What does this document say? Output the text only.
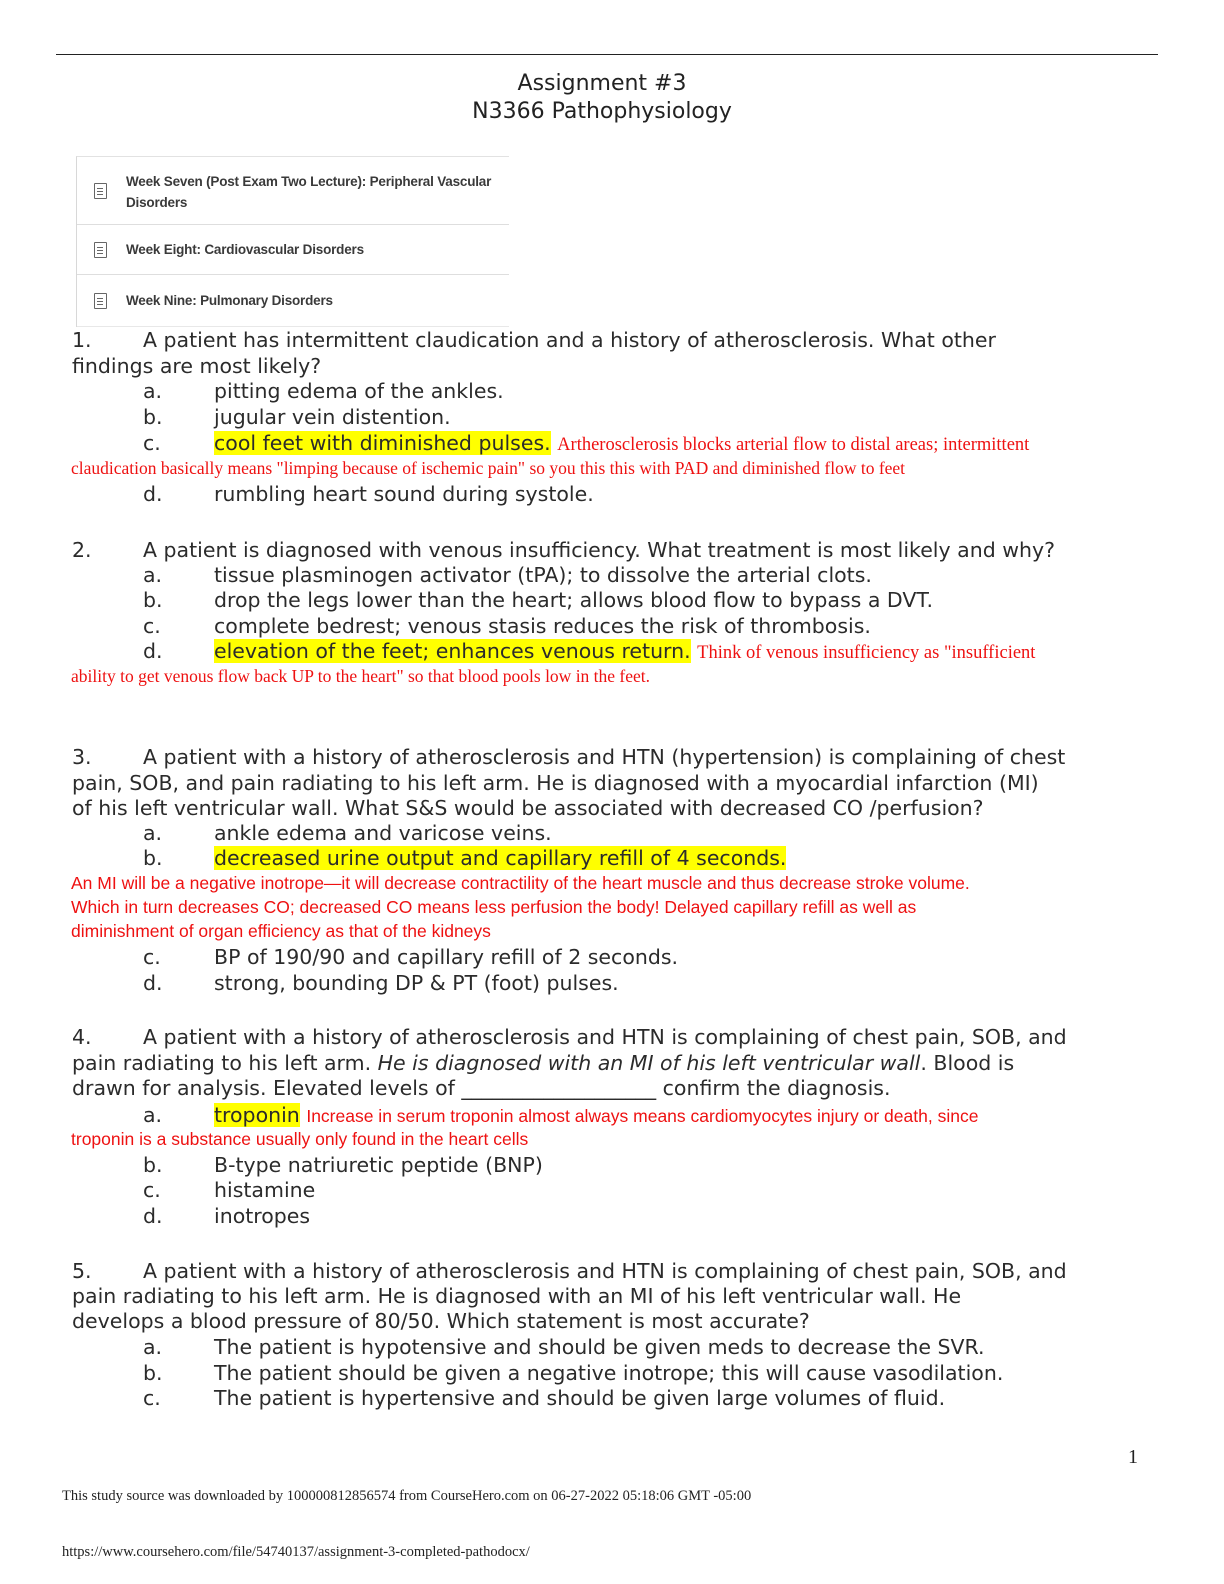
Assignment #3
N3366 Pathophysiology
Week Seven (Post Exam Two Lecture): Peripheral Vascular
Disorders
Week Eight: Cardiovascular Disorders
Week Nine: Pulmonary Disorders
1.	A patient has intermittent claudication and a history of atherosclerosis. What other
findings are most likely?
a.	pitting edema of the ankles.
b.	jugular vein distention.
c.	cool feet with diminished pulses. Artherosclerosis blocks arterial flow to distal areas; intermittent
claudication basically means "limping because of ischemic pain" so you this this with PAD and diminished flow to feet
d.	rumbling heart sound during systole.
2.	A patient is diagnosed with venous insufficiency. What treatment is most likely and why?
a.	tissue plasminogen activator (tPA); to dissolve the arterial clots.
b.	drop the legs lower than the heart; allows blood flow to bypass a DVT.
c.	complete bedrest; venous stasis reduces the risk of thrombosis.
d.	elevation of the feet; enhances venous return. Think of venous insufficiency as "insufficient
ability to get venous flow back UP to the heart" so that blood pools low in the feet.
3.	A patient with a history of atherosclerosis and HTN (hypertension) is complaining of chest
pain, SOB, and pain radiating to his left arm. He is diagnosed with a myocardial infarction (MI)
of his left ventricular wall. What S&S would be associated with decreased CO /perfusion?
a.	ankle edema and varicose veins.
b.	decreased urine output and capillary refill of 4 seconds.
An MI will be a negative inotrope—it will decrease contractility of the heart muscle and thus decrease stroke volume.
Which in turn decreases CO; decreased CO means less perfusion the body! Delayed capillary refill as well as
diminishment of organ efficiency as that of the kidneys
c.	BP of 190/90 and capillary refill of 2 seconds.
d.	strong, bounding DP & PT (foot) pulses.
4.	A patient with a history of atherosclerosis and HTN is complaining of chest pain, SOB, and
pain radiating to his left arm. He is diagnosed with an MI of his left ventricular wall. Blood is
drawn for analysis. Elevated levels of ___________________ confirm the diagnosis.
a.	troponin Increase in serum troponin almost always means cardiomyocytes injury or death, since
troponin is a substance usually only found in the heart cells
b.	B-type natriuretic peptide (BNP)
c.	histamine
d.	inotropes
5.	A patient with a history of atherosclerosis and HTN is complaining of chest pain, SOB, and
pain radiating to his left arm. He is diagnosed with an MI of his left ventricular wall. He
develops a blood pressure of 80/50. Which statement is most accurate?
a.	The patient is hypotensive and should be given meds to decrease the SVR.
b.	The patient should be given a negative inotrope; this will cause vasodilation.
c.	The patient is hypertensive and should be given large volumes of fluid.
1
This study source was downloaded by 100000812856574 from CourseHero.com on 06-27-2022 05:18:06 GMT -05:00
https://www.coursehero.com/file/54740137/assignment-3-completed-pathodocx/
